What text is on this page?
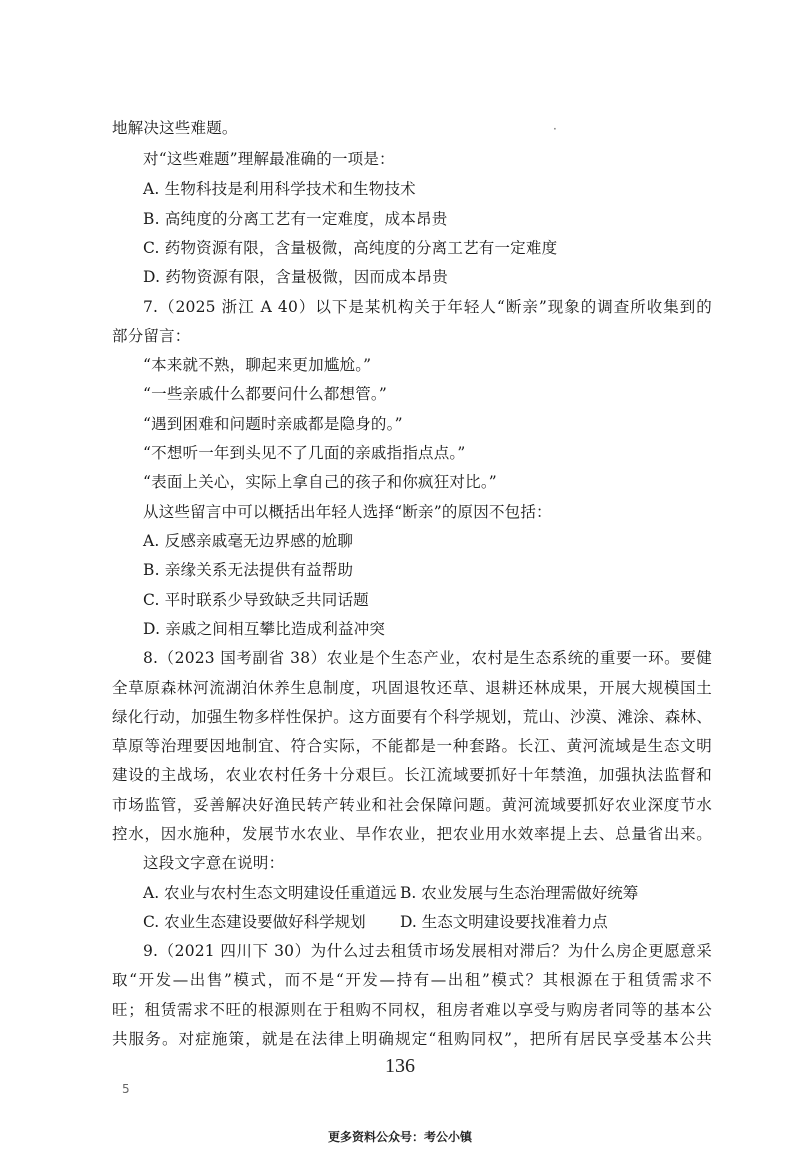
地解决这些难题。	·
对“这些难题”理解最准确的一项是：
A. 生物科技是利用科学技术和生物技术
B. 高纯度的分离工艺有一定难度，成本昂贵
C. 药物资源有限，含量极微，高纯度的分离工艺有一定难度
D. 药物资源有限，含量极微，因而成本昂贵
7.（2025 浙江 A 40）以下是某机构关于年轻人“断亲”现象的调查所收集到的
部分留言：
“本来就不熟，聊起来更加尴尬。”
“一些亲戚什么都要问什么都想管。”
“遇到困难和问题时亲戚都是隐身的。”
“不想听一年到头见不了几面的亲戚指指点点。”
“表面上关心，实际上拿自己的孩子和你疯狂对比。”
从这些留言中可以概括出年轻人选择“断亲”的原因不包括：
A. 反感亲戚毫无边界感的尬聊
B. 亲缘关系无法提供有益帮助
C. 平时联系少导致缺乏共同话题
D. 亲戚之间相互攀比造成利益冲突
8.（2023 国考副省 38）农业是个生态产业，农村是生态系统的重要一环。要健
全草原森林河流湖泊休养生息制度，巩固退牧还草、退耕还林成果，开展大规模国土
绿化行动，加强生物多样性保护。这方面要有个科学规划，荒山、沙漠、滩涂、森林、
草原等治理要因地制宜、符合实际，不能都是一种套路。长江、黄河流域是生态文明
建设的主战场，农业农村任务十分艰巨。长江流域要抓好十年禁渔，加强执法监督和
市场监管，妥善解决好渔民转产转业和社会保障问题。黄河流域要抓好农业深度节水
控水，因水施种，发展节水农业、旱作农业，把农业用水效率提上去、总量省出来。
这段文字意在说明：
A. 农业与农村生态文明建设任重道远 B. 农业发展与生态治理需做好统筹
C. 农业生态建设要做好科学规划 D. 生态文明建设要找准着力点
9.（2021 四川下 30）为什么过去租赁市场发展相对滞后？为什么房企更愿意采
取“开发—出售”模式，而不是“开发—持有—出租”模式？其根源在于租赁需求不
旺；租赁需求不旺的根源则在于租购不同权，租房者难以享受与购房者同等的基本公
共服务。对症施策，就是在法律上明确规定“租购同权”，把所有居民享受基本公共
136
5
更多资料公众号：考公小镇
